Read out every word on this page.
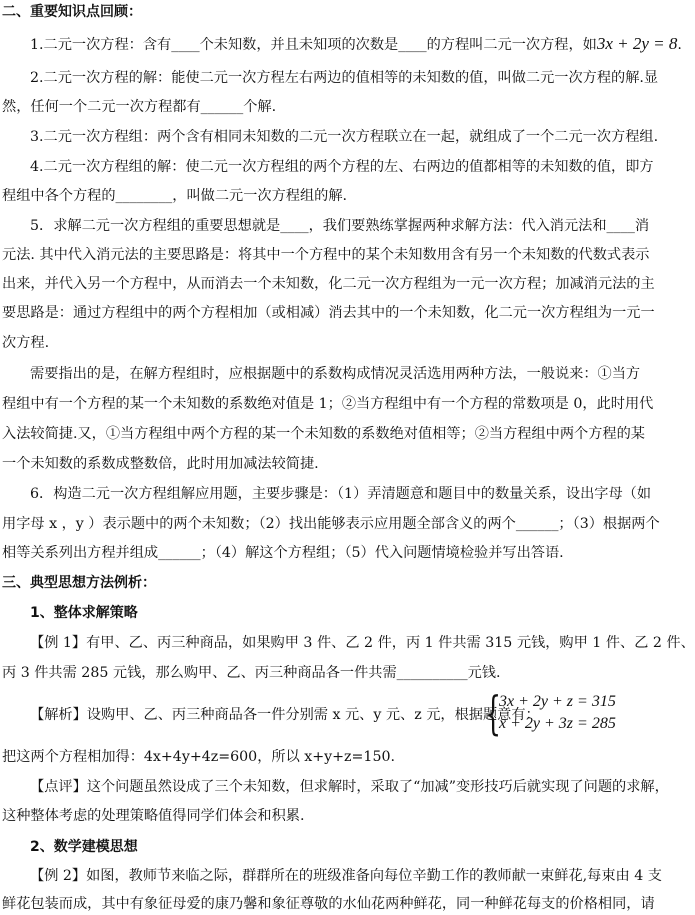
二、重要知识点回顾：
1.二元一次方程：含有____个未知数，并且未知项的次数是____的方程叫二元一次方程，如3x + 2y = 8.
2.二元一次方程的解：能使二元一次方程左右两边的值相等的未知数的值，叫做二元一次方程的解.显
然，任何一个二元一次方程都有______个解.
3.二元一次方程组：两个含有相同未知数的二元一次方程联立在一起，就组成了一个二元一次方程组.
4.二元一次方程组的解：使二元一次方程组的两个方程的左、右两边的值都相等的未知数的值，即方
程组中各个方程的________，叫做二元一次方程组的解.
5．求解二元一次方程组的重要思想就是____，我们要熟练掌握两种求解方法：代入消元法和____消
元法. 其中代入消元法的主要思路是：将其中一个方程中的某个未知数用含有另一个未知数的代数式表示
出来，并代入另一个方程中，从而消去一个未知数，化二元一次方程组为一元一次方程；加减消元法的主
要思路是：通过方程组中的两个方程相加（或相减）消去其中的一个未知数，化二元一次方程组为一元一
次方程.
需要指出的是，在解方程组时，应根据题中的系数构成情况灵活选用两种方法，一般说来：①当方
程组中有一个方程的某一个未知数的系数绝对值是 1；②当方程组中有一个方程的常数项是 0，此时用代
入法较简捷.又，①当方程组中两个方程的某一个未知数的系数绝对值相等；②当方程组中两个方程的某
一个未知数的系数成整数倍，此时用加减法较简捷.
6．构造二元一次方程组解应用题，主要步骤是：（1）弄清题意和题目中的数量关系，设出字母（如
用字母 x ，y ）表示题中的两个未知数；（2）找出能够表示应用题全部含义的两个______；（3）根据两个
相等关系列出方程并组成______；（4）解这个方程组；（5）代入问题情境检验并写出答语.
三、典型思想方法例析：
1、整体求解策略
【例 1】有甲、乙、丙三种商品，如果购甲 3 件、乙 2 件，丙 1 件共需 315 元钱，购甲 1 件、乙 2 件、
丙 3 件共需 285 元钱，那么购甲、乙、丙三种商品各一件共需__________元钱.
【解析】设购甲、乙、丙三种商品各一件分别需 x 元、y 元、z 元，根据题意有：
{
3x + 2y + z = 315
x + 2y + 3z = 285
把这两个方程相加得：4x+4y+4z=600，所以 x+y+z=150.
【点评】这个问题虽然设成了三个未知数，但求解时，采取了“加减”变形技巧后就实现了问题的求解，
这种整体考虑的处理策略值得同学们体会和积累.
2、数学建模思想
【例 2】如图，教师节来临之际，群群所在的班级准备向每位辛勤工作的教师献一束鲜花,每束由 4 支
鲜花包装而成，其中有象征母爱的康乃馨和象征尊敬的水仙花两种鲜花，同一种鲜花每支的价格相同，请
